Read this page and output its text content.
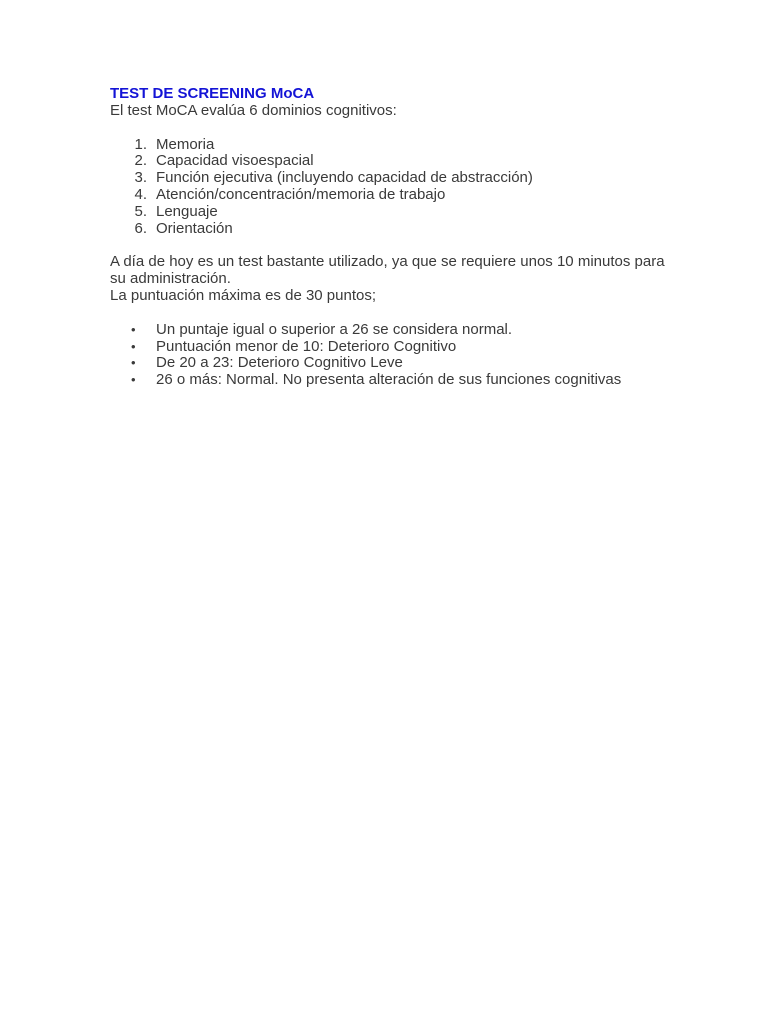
TEST DE SCREENING MoCA

El test MoCA evalúa 6 dominios cognitivos:

1. Memoria
2. Capacidad visoespacial
3. Función ejecutiva (incluyendo capacidad de abstracción)
4. Atención/concentración/memoria de trabajo
5. Lenguaje
6. Orientación

A día de hoy es un test bastante utilizado, ya que se requiere unos 10 minutos para su administración.

La puntuación máxima es de 30 puntos;

• Un puntaje igual o superior a 26 se considera normal.
• Puntuación menor de 10: Deterioro Cognitivo
• De 20 a 23: Deterioro Cognitivo Leve
• 26 o más: Normal. No presenta alteración de sus funciones cognitivas
